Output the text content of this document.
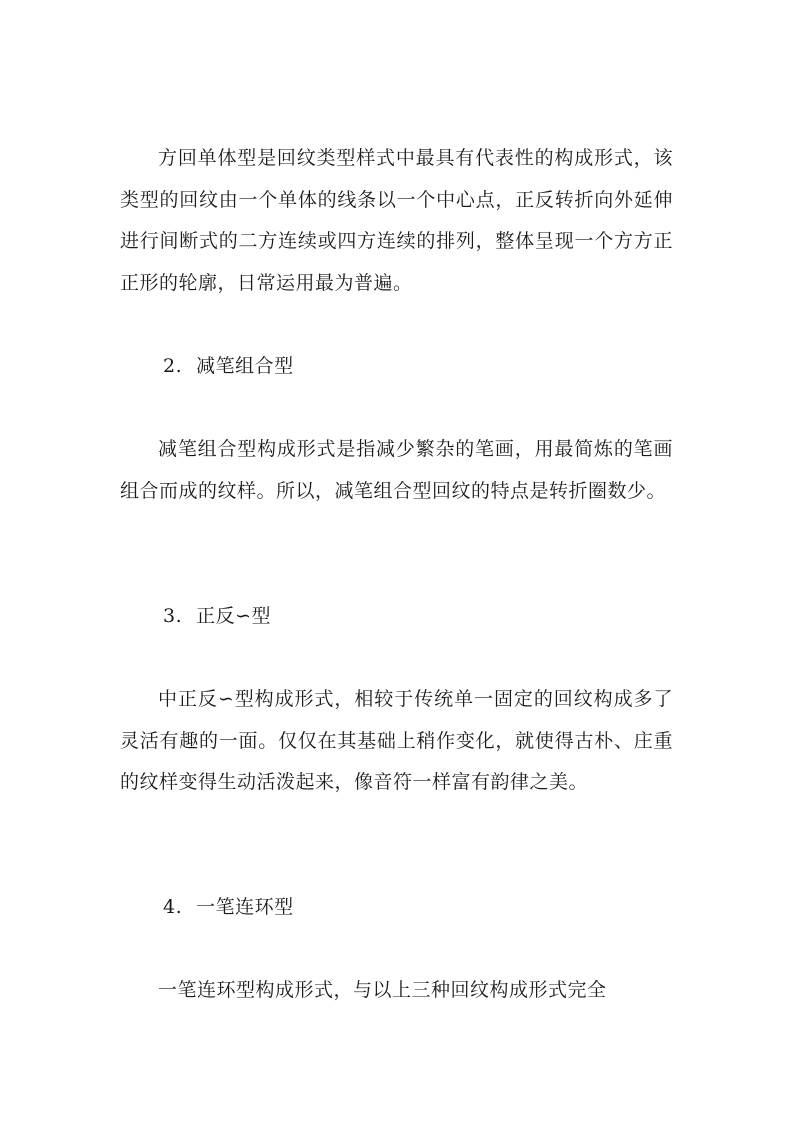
方回单体型是回纹类型样式中最具有代表性的构成形式，该类型的回纹由一个单体的线条以一个中心点，正反转折向外延伸进行间断式的二方连续或四方连续的排列，整体呈现一个方方正正形的轮廓，日常运用最为普遍。

2. 减笔组合型

减笔组合型构成形式是指减少繁杂的笔画，用最简炼的笔画组合而成的纹样。所以，减笔组合型回纹的特点是转折圈数少。

3. 正反∽型

中正反∽型构成形式，相较于传统单一固定的回纹构成多了灵活有趣的一面。仅仅在其基础上稍作变化，就使得古朴、庄重的纹样变得生动活泼起来，像音符一样富有韵律之美。

4. 一笔连环型

一笔连环型构成形式，与以上三种回纹构成形式完全
